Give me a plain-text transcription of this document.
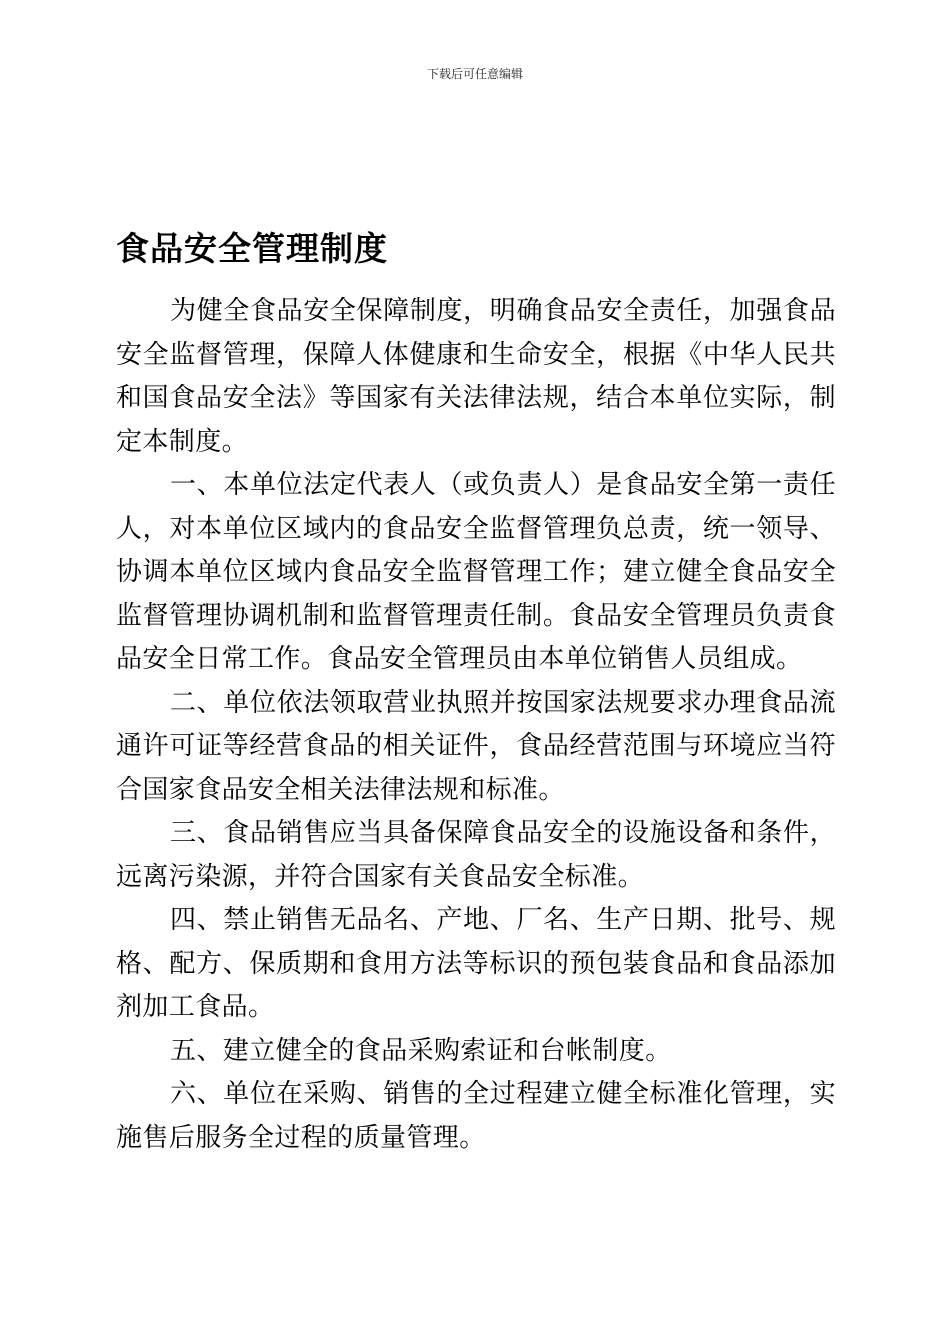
下载后可任意编辑
食品安全管理制度

为健全食品安全保障制度，明确食品安全责任，加强食品安全监督管理，保障人体健康和生命安全，根据《中华人民共和国食品安全法》等国家有关法律法规，结合本单位实际，制定本制度。

一、本单位法定代表人（或负责人）是食品安全第一责任人，对本单位区域内的食品安全监督管理负总责，统一领导、协调本单位区域内食品安全监督管理工作；建立健全食品安全监督管理协调机制和监督管理责任制。食品安全管理员负责食品安全日常工作。食品安全管理员由本单位销售人员组成。

二、单位依法领取营业执照并按国家法规要求办理食品流通许可证等经营食品的相关证件，食品经营范围与环境应当符合国家食品安全相关法律法规和标准。

三、食品销售应当具备保障食品安全的设施设备和条件，远离污染源，并符合国家有关食品安全标准。

四、禁止销售无品名、产地、厂名、生产日期、批号、规格、配方、保质期和食用方法等标识的预包装食品和食品添加剂加工食品。

五、建立健全的食品采购索证和台帐制度。

六、单位在采购、销售的全过程建立健全标准化管理，实施售后服务全过程的质量管理。
